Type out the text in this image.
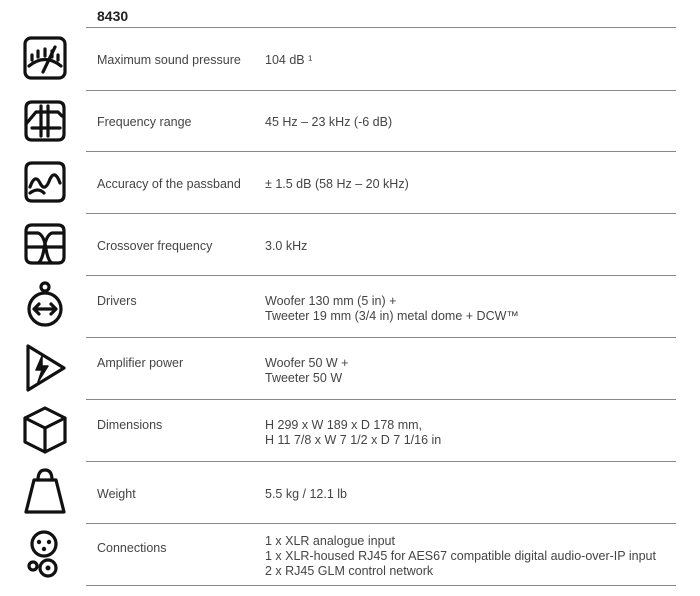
8430
Maximum sound pressure 104 dB ¹
Frequency range	45 Hz – 23 kHz (-6 dB)
Accuracy of the passband ± 1.5 dB (58 Hz – 20 kHz)
Crossover frequency	3.0 kHz
Drivers	Woofer 130 mm (5 in) +
Tweeter 19 mm (3/4 in) metal dome + DCW™
Amplifier power	Woofer 50 W +
Tweeter 50 W
Dimensions	H 299 x W 189 x D 178 mm,
H 11 7/8 x W 7 1/2 x D 7 1/16 in
Weight	5.5 kg / 12.1 lb
Connections	1 x XLR analogue input
1 x XLR-housed RJ45 for AES67 compatible digital audio-over-IP input
2 x RJ45 GLM control network
